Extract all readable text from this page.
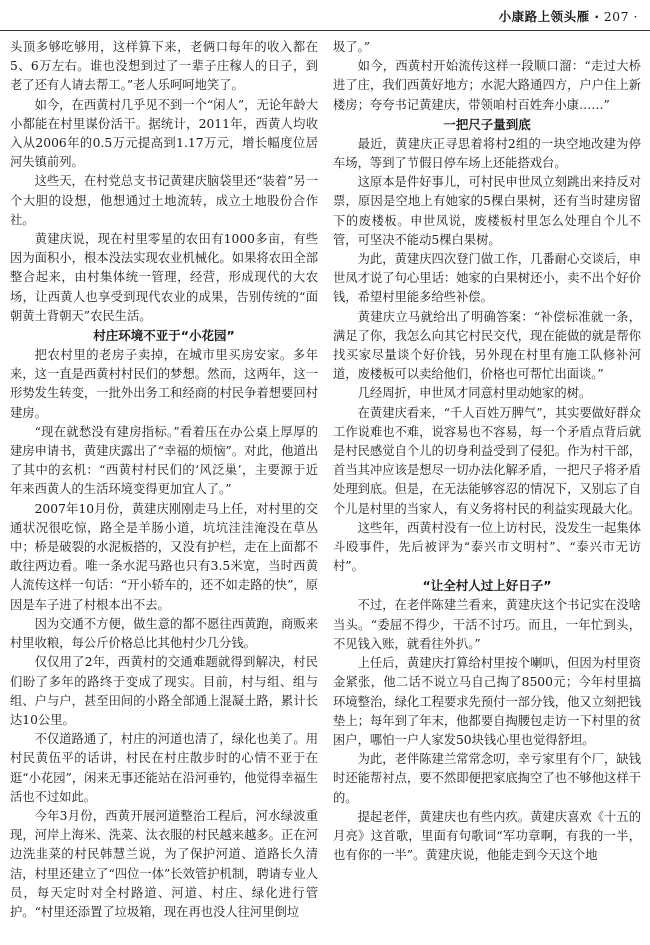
小康路上领头雁 · 207 ·

头顶多够吃够用，这样算下来，老俩口每年的收入都在5、6万左右。谁也没想到过了一辈子庄稼人的日子，到老了还有人请去帮工。”老人乐呵呵地笑了。

如今，在西黄村几乎见不到一个“闲人”，无论年龄大小都能在村里谋份活干。据统计，2011年，西黄人均收入从2006年的0.5万元提高到1.17万元，增长幅度位居河失镇前列。

这些天，在村党总支书记黄建庆脑袋里还“装着”另一个大胆的设想，他想通过土地流转，成立土地股份合作社。

黄建庆说，现在村里零星的农田有1000多亩，有些因为面积小，根本没法实现农业机械化。如果将农田全部整合起来，由村集体统一管理，经营，形成现代的大农场，让西黄人也享受到现代农业的成果，告别传统的“面朝黄土背朝天”农民生活。

村庄环境不亚于“小花园”

把农村里的老房子卖掉，在城市里买房安家。多年来，这一直是西黄村村民们的梦想。然而，这两年，这一形势发生转变，一批外出务工和经商的村民争着想要回村建房。

“现在就愁没有建房指标。”看着压在办公桌上厚厚的建房申请书，黄建庆露出了“幸福的烦恼”。对此，他道出了其中的玄机：“西黄村村民们的‘风泛巢’，主要源于近年来西黄人的生活环境变得更加宜人了。”

2007年10月份，黄建庆刚刚走马上任，对村里的交通状况很吃惊，路全是羊肠小道，坑坑洼洼淹没在草丛中；桥是破裂的水泥板搭的，又没有护栏，走在上面都不敢往两边看。唯一条水泥马路也只有3.5米宽，当时西黄人流传这样一句话：“开小轿车的，还不如走路的快”，原因是车子进了村根本出不去。

因为交通不方便，做生意的都不愿往西黄跑，商贩来村里收粮，每公斤价格总比其他村少几分钱。

仅仅用了2年，西黄村的交通难题就得到解决，村民们盼了多年的路终于变成了现实。目前，村与组、组与组、户与户，甚至田间的小路全部通上混凝土路，累计长达10公里。

不仅道路通了，村庄的河道也清了，绿化也美了。用村民黄伍平的话讲，村民在村庄散步时的心情不亚于在逛“小花园”，闲来无事还能站在沿河垂钓，他觉得幸福生活也不过如此。

今年3月份，西黄开展河道整治工程后，河水绿波重现，河岸上海米、洗菜、汰衣服的村民越来越多。正在河边洗韭菜的村民韩慧兰说，为了保护河道、道路长久清洁，村里还建立了“四位一体”长效管护机制，聘请专业人员，每天定时对全村路道、河道、村庄、绿化进行管护。“村里还添置了垃圾箱，现在再也没人往河里倒垃

圾了。”

如今，西黄村开始流传这样一段顺口溜：“走过大桥进了庄，我们西黄好地方；水泥大路通四方，户户住上新楼房；夸夸书记黄建庆，带领咱村百姓奔小康……”

一把尺子量到底

最近，黄建庆正寻思着将村2组的一块空地改建为停车场，等到了节假日停车场上还能搭戏台。

这原本是件好事儿，可村民申世凤立刻跳出来持反对票，原因是空地上有她家的5棵白果树，还有当时建房留下的废楼板。申世凤说，废楼板村里怎么处理自个儿不管，可坚决不能动5棵白果树。

为此，黄建庆四次登门做工作，几番耐心交谈后，申世凤才说了句心里话：她家的白果树还小，卖不出个好价钱，希望村里能多给些补偿。

黄建庆立马就给出了明确答案：“补偿标准就一条，满足了你，我怎么向其它村民交代，现在能做的就是帮你找买家尽量谈个好价钱，另外现在村里有施工队修补河道，废楼板可以卖给他们，价格也可帮忙出面谈。”

几经周折，申世凤才同意村里动她家的树。

在黄建庆看来，“千人百姓万脾气”，其实要做好群众工作说难也不难，说容易也不容易，每一个矛盾点背后就是村民感觉自个儿的切身利益受到了侵犯。作为村干部，首当其冲应该是想尽一切办法化解矛盾，一把尺子将矛盾处理到底。但是，在无法能够容忍的情况下，又别忘了自个儿是村里的当家人，有义务将村民的利益实现最大化。

这些年，西黄村没有一位上访村民，没发生一起集体斗殴事件，先后被评为“泰兴市文明村”、“泰兴市无访村”。

“让全村人过上好日子”

不过，在老伴陈建兰看来，黄建庆这个书记实在没啥当头。“委屈不得少，干活不讨巧。而且，一年忙到头，不见钱入账，就看往外扒。”

上任后，黄建庆打算给村里按个喇叭，但因为村里资金紧张，他二话不说立马自己掏了8500元；今年村里搞环境整治，绿化工程要求先预付一部分钱，他又立刻把钱垫上；每年到了年末，他都要自掏腰包走访一下村里的贫困户，哪怕一户人家发50块钱心里也觉得舒坦。

为此，老伴陈建兰常常念叨，幸亏家里有个厂，缺钱时还能帮衬点，要不然即便把家底掏空了也不够他这样干的。

提起老伴，黄建庆也有些内疚。黄建庆喜欢《十五的月亮》这首歌，里面有句歌词“军功章啊，有我的一半，也有你的一半”。黄建庆说，他能走到今天这个地
